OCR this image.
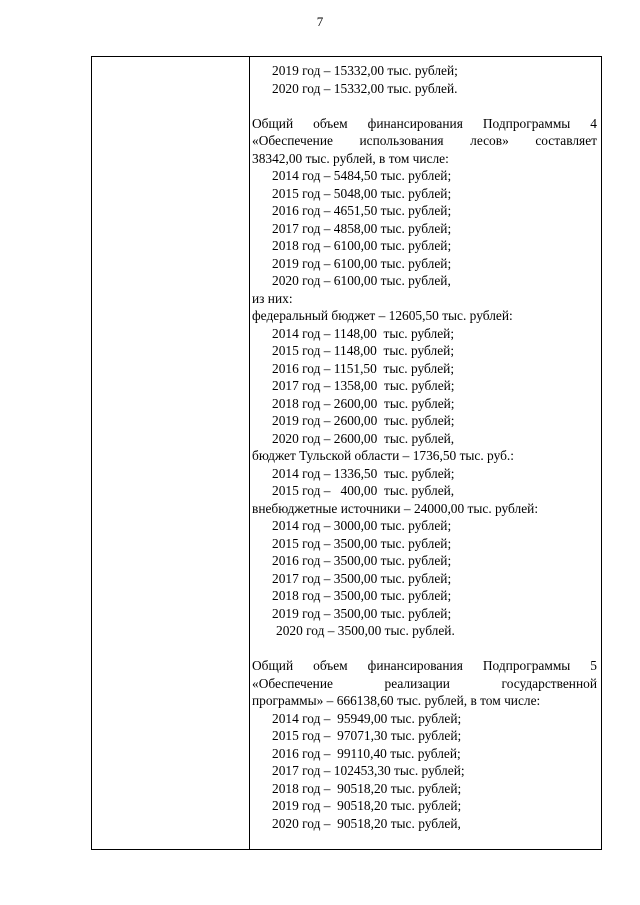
7
2019 год – 15332,00 тыс. рублей;
2020 год – 15332,00 тыс. рублей.
Общий объем финансирования Подпрограммы 4
«Обеспечение использования лесов» составляет
38342,00 тыс. рублей, в том числе:
2014 год – 5484,50 тыс. рублей;
2015 год – 5048,00 тыс. рублей;
2016 год – 4651,50 тыс. рублей;
2017 год – 4858,00 тыс. рублей;
2018 год – 6100,00 тыс. рублей;
2019 год – 6100,00 тыс. рублей;
2020 год – 6100,00 тыс. рублей,
из них:
федеральный бюджет – 12605,50 тыс. рублей:
2014 год – 1148,00  тыс. рублей;
2015 год – 1148,00  тыс. рублей;
2016 год – 1151,50  тыс. рублей;
2017 год – 1358,00  тыс. рублей;
2018 год – 2600,00  тыс. рублей;
2019 год – 2600,00  тыс. рублей;
2020 год – 2600,00  тыс. рублей,
бюджет Тульской области – 1736,50 тыс. руб.:
2014 год – 1336,50  тыс. рублей;
2015 год –   400,00  тыс. рублей,
внебюджетные источники – 24000,00 тыс. рублей:
2014 год – 3000,00 тыс. рублей;
2015 год – 3500,00 тыс. рублей;
2016 год – 3500,00 тыс. рублей;
2017 год – 3500,00 тыс. рублей;
2018 год – 3500,00 тыс. рублей;
2019 год – 3500,00 тыс. рублей;
2020 год – 3500,00 тыс. рублей.
Общий объем финансирования Подпрограммы 5
«Обеспечение реализации государственной
программы» – 666138,60 тыс. рублей, в том числе:
2014 год –  95949,00 тыс. рублей;
2015 год –  97071,30 тыс. рублей;
2016 год –  99110,40 тыс. рублей;
2017 год – 102453,30 тыс. рублей;
2018 год –  90518,20 тыс. рублей;
2019 год –  90518,20 тыс. рублей;
2020 год –  90518,20 тыс. рублей,
